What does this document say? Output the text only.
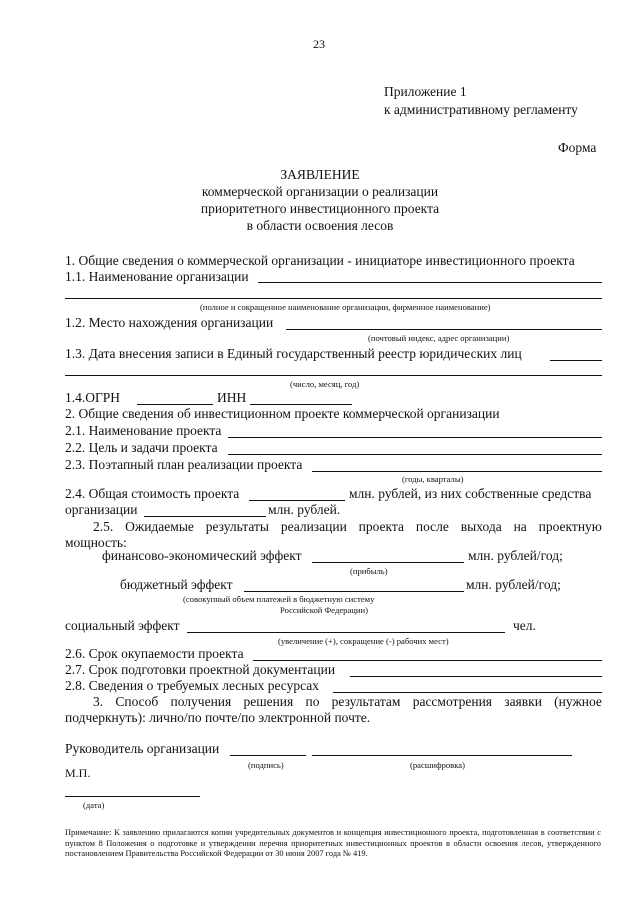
23
Приложение 1
к административному регламенту
Форма
ЗАЯВЛЕНИЕ
коммерческой организации о реализации
приоритетного инвестиционного проекта
в области освоения лесов
1. Общие сведения о коммерческой организации - инициаторе инвестиционного проекта
1.1. Наименование организации
(полное и сокращенное наименование организации, фирменное наименование)
1.2. Место нахождения организации
(почтовый индекс, адрес организации)
1.3. Дата внесения записи в Единый государственный реестр юридических лиц
(число, месяц, год)
1.4.ОГРН	ИНН
2. Общие сведения об инвестиционном проекте коммерческой организации
2.1. Наименование проекта
2.2. Цель и задачи проекта
2.3. Поэтапный план реализации проекта
(годы, кварталы)
2.4. Общая стоимость проекта	млн. рублей, из них собственные средства
организации	млн. рублей.
2.5. Ожидаемые результаты реализации проекта после выхода на проектную
мощность:
финансово-экономический эффект	млн. рублей/год;
(прибыль)
бюджетный эффект	млн. рублей/год;
(совокупный объем платежей в бюджетную систему
Российской Федерации)
социальный эффект	чел.
(увеличение (+), сокращение (-) рабочих мест)
2.6. Срок окупаемости проекта
2.7. Срок подготовки проектной документации
2.8. Сведения о требуемых лесных ресурсах
3. Способ получения решения по результатам рассмотрения заявки (нужное
подчеркнуть): лично/по почте/по электронной почте.
Руководитель организации
(подпись)	(расшифровка)
М.П.
(дата)
Примечание: К заявлению прилагаются копии учредительных документов и концепция инвестиционного проекта, подготовленная в соответствии с пунктом 8 Положения о подготовке и утверждении перечня приоритетных инвестиционных проектов в области освоения лесов, утвержденного постановлением Правительства Российской Федерации от 30 июня 2007 года № 419.
